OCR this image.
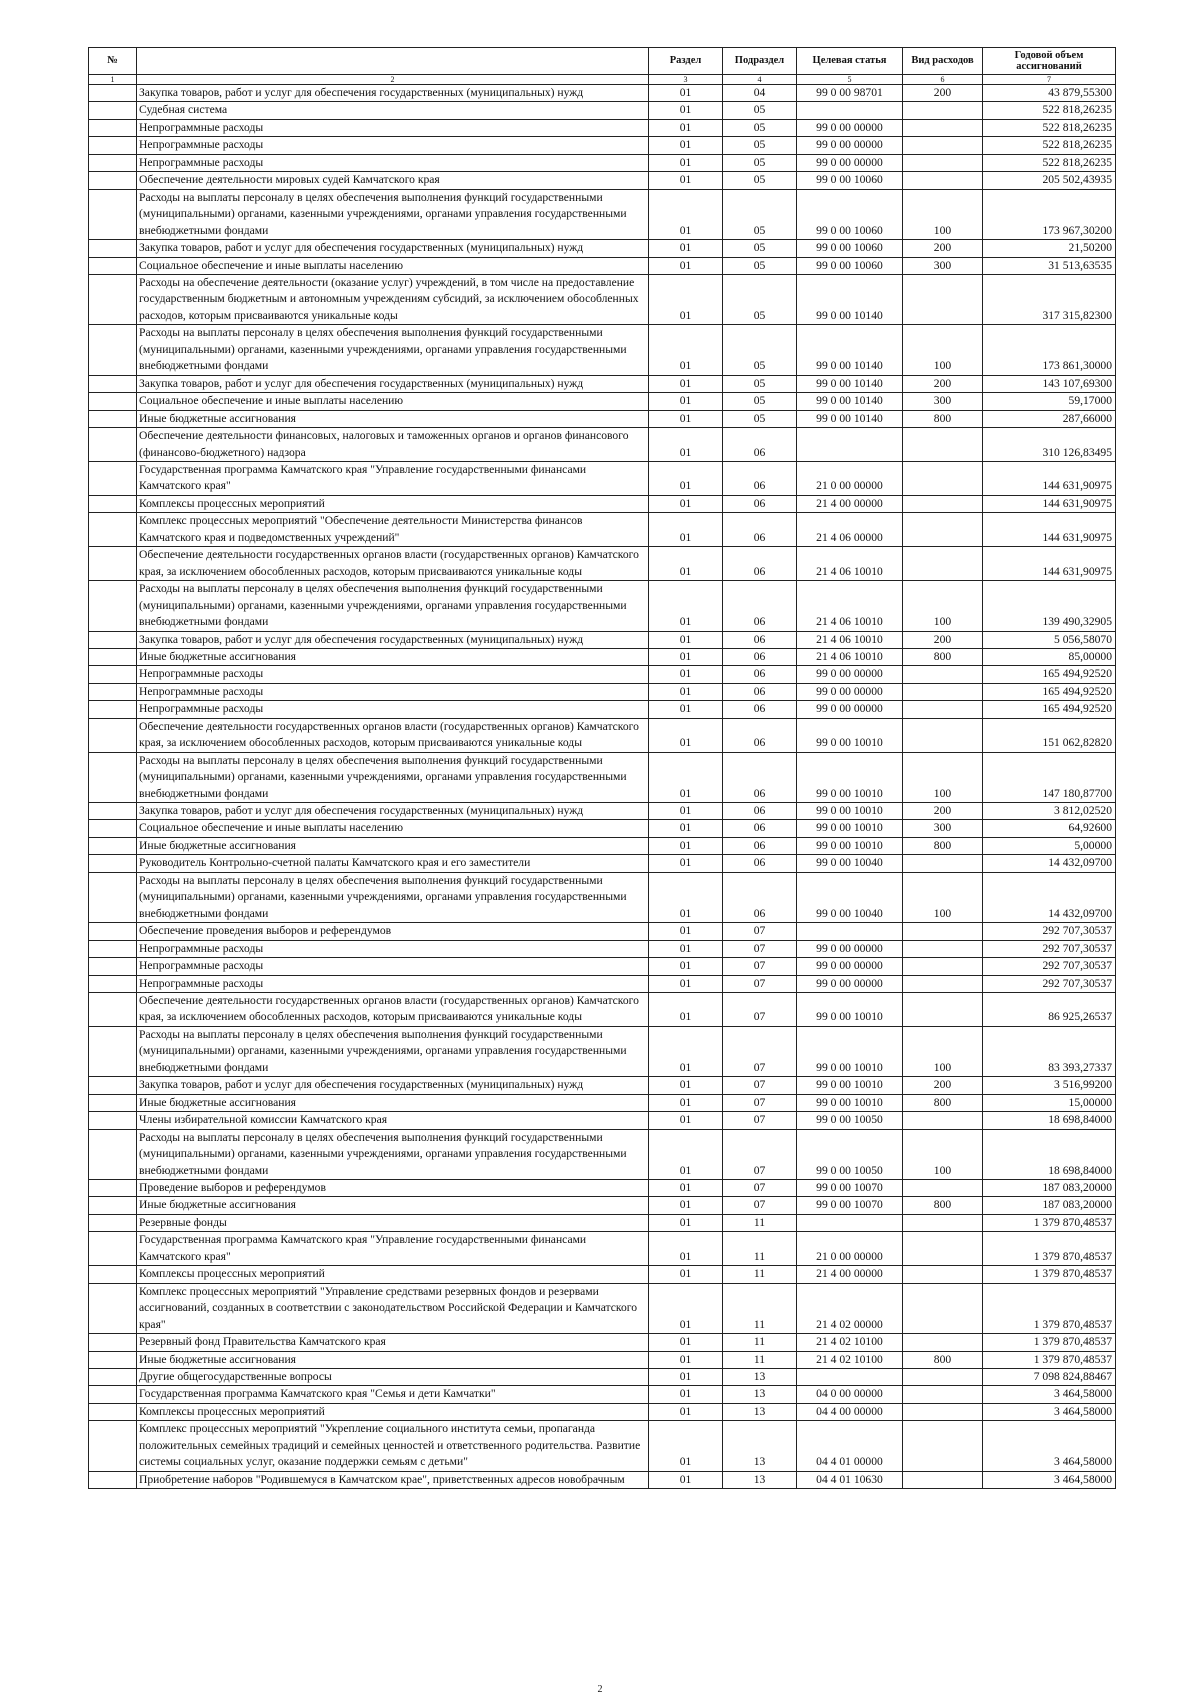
№		Раздел	Подраздел	Целевая статья	Вид расходов	Годовой объем ассигнований
1	2	3	4	5	6	7
	Закупка товаров, работ и услуг для обеспечения государственных (муниципальных) нужд	01	04	99 0 00 98701	200	43 879,55300
	Судебная система	01	05			522 818,26235
	Непрограммные расходы	01	05	99 0 00 00000		522 818,26235
	Непрограммные расходы	01	05	99 0 00 00000		522 818,26235
	Непрограммные расходы	01	05	99 0 00 00000		522 818,26235
	Обеспечение деятельности мировых судей Камчатского края	01	05	99 0 00 10060		205 502,43935
	Расходы на выплаты персоналу в целях обеспечения выполнения функций государственными (муниципальными) органами, казенными учреждениями, органами управления государственными внебюджетными фондами	01	05	99 0 00 10060	100	173 967,30200
	Закупка товаров, работ и услуг для обеспечения государственных (муниципальных) нужд	01	05	99 0 00 10060	200	21,50200
	Социальное обеспечение и иные выплаты населению	01	05	99 0 00 10060	300	31 513,63535
	Расходы на обеспечение деятельности (оказание услуг) учреждений, в том числе на предоставление государственным бюджетным и автономным учреждениям субсидий, за исключением обособленных расходов, которым присваиваются уникальные коды	01	05	99 0 00 10140		317 315,82300
	Расходы на выплаты персоналу в целях обеспечения выполнения функций государственными (муниципальными) органами, казенными учреждениями, органами управления государственными внебюджетными фондами	01	05	99 0 00 10140	100	173 861,30000
	Закупка товаров, работ и услуг для обеспечения государственных (муниципальных) нужд	01	05	99 0 00 10140	200	143 107,69300
	Социальное обеспечение и иные выплаты населению	01	05	99 0 00 10140	300	59,17000
	Иные бюджетные ассигнования	01	05	99 0 00 10140	800	287,66000
	Обеспечение деятельности финансовых, налоговых и таможенных органов и органов финансового (финансово-бюджетного) надзора	01	06			310 126,83495
	Государственная программа Камчатского края "Управление государственными финансами Камчатского края"	01	06	21 0 00 00000		144 631,90975
	Комплексы процессных мероприятий	01	06	21 4 00 00000		144 631,90975
	Комплекс процессных мероприятий "Обеспечение деятельности Министерства финансов Камчатского края и подведомственных учреждений"	01	06	21 4 06 00000		144 631,90975
	Обеспечение деятельности государственных органов власти (государственных органов) Камчатского края, за исключением обособленных расходов, которым присваиваются уникальные коды	01	06	21 4 06 10010		144 631,90975
	Расходы на выплаты персоналу в целях обеспечения выполнения функций государственными (муниципальными) органами, казенными учреждениями, органами управления государственными внебюджетными фондами	01	06	21 4 06 10010	100	139 490,32905
	Закупка товаров, работ и услуг для обеспечения государственных (муниципальных) нужд	01	06	21 4 06 10010	200	5 056,58070
	Иные бюджетные ассигнования	01	06	21 4 06 10010	800	85,00000
	Непрограммные расходы	01	06	99 0 00 00000		165 494,92520
	Непрограммные расходы	01	06	99 0 00 00000		165 494,92520
	Непрограммные расходы	01	06	99 0 00 00000		165 494,92520
	Обеспечение деятельности государственных органов власти (государственных органов) Камчатского края, за исключением обособленных расходов, которым присваиваются уникальные коды	01	06	99 0 00 10010		151 062,82820
	Расходы на выплаты персоналу в целях обеспечения выполнения функций государственными (муниципальными) органами, казенными учреждениями, органами управления государственными внебюджетными фондами	01	06	99 0 00 10010	100	147 180,87700
	Закупка товаров, работ и услуг для обеспечения государственных (муниципальных) нужд	01	06	99 0 00 10010	200	3 812,02520
	Социальное обеспечение и иные выплаты населению	01	06	99 0 00 10010	300	64,92600
	Иные бюджетные ассигнования	01	06	99 0 00 10010	800	5,00000
	Руководитель Контрольно-счетной палаты Камчатского края и его заместители	01	06	99 0 00 10040		14 432,09700
	Расходы на выплаты персоналу в целях обеспечения выполнения функций государственными (муниципальными) органами, казенными учреждениями, органами управления государственными внебюджетными фондами	01	06	99 0 00 10040	100	14 432,09700
	Обеспечение проведения выборов и референдумов	01	07			292 707,30537
	Непрограммные расходы	01	07	99 0 00 00000		292 707,30537
	Непрограммные расходы	01	07	99 0 00 00000		292 707,30537
	Непрограммные расходы	01	07	99 0 00 00000		292 707,30537
	Обеспечение деятельности государственных органов власти (государственных органов) Камчатского края, за исключением обособленных расходов, которым присваиваются уникальные коды	01	07	99 0 00 10010		86 925,26537
	Расходы на выплаты персоналу в целях обеспечения выполнения функций государственными (муниципальными) органами, казенными учреждениями, органами управления государственными внебюджетными фондами	01	07	99 0 00 10010	100	83 393,27337
	Закупка товаров, работ и услуг для обеспечения государственных (муниципальных) нужд	01	07	99 0 00 10010	200	3 516,99200
	Иные бюджетные ассигнования	01	07	99 0 00 10010	800	15,00000
	Члены избирательной комиссии Камчатского края	01	07	99 0 00 10050		18 698,84000
	Расходы на выплаты персоналу в целях обеспечения выполнения функций государственными (муниципальными) органами, казенными учреждениями, органами управления государственными внебюджетными фондами	01	07	99 0 00 10050	100	18 698,84000
	Проведение выборов и референдумов	01	07	99 0 00 10070		187 083,20000
	Иные бюджетные ассигнования	01	07	99 0 00 10070	800	187 083,20000
	Резервные фонды	01	11			1 379 870,48537
	Государственная программа Камчатского края "Управление государственными финансами Камчатского края"	01	11	21 0 00 00000		1 379 870,48537
	Комплексы процессных мероприятий	01	11	21 4 00 00000		1 379 870,48537
	Комплекс процессных мероприятий "Управление средствами резервных фондов и резервами ассигнований, созданных в соответствии с законодательством Российской Федерации и Камчатского края"	01	11	21 4 02 00000		1 379 870,48537
	Резервный фонд Правительства Камчатского края	01	11	21 4 02 10100		1 379 870,48537
	Иные бюджетные ассигнования	01	11	21 4 02 10100	800	1 379 870,48537
	Другие общегосударственные вопросы	01	13			7 098 824,88467
	Государственная программа Камчатского края "Семья и дети Камчатки"	01	13	04 0 00 00000		3 464,58000
	Комплексы процессных мероприятий	01	13	04 4 00 00000		3 464,58000
	Комплекс процессных мероприятий "Укрепление социального института семьи, пропаганда положительных семейных традиций и семейных ценностей и ответственного родительства. Развитие системы социальных услуг, оказание поддержки семьям с детьми"	01	13	04 4 01 00000		3 464,58000
	Приобретение наборов "Родившемуся в Камчатском крае", приветственных адресов новобрачным	01	13	04 4 01 10630		3 464,58000
2
